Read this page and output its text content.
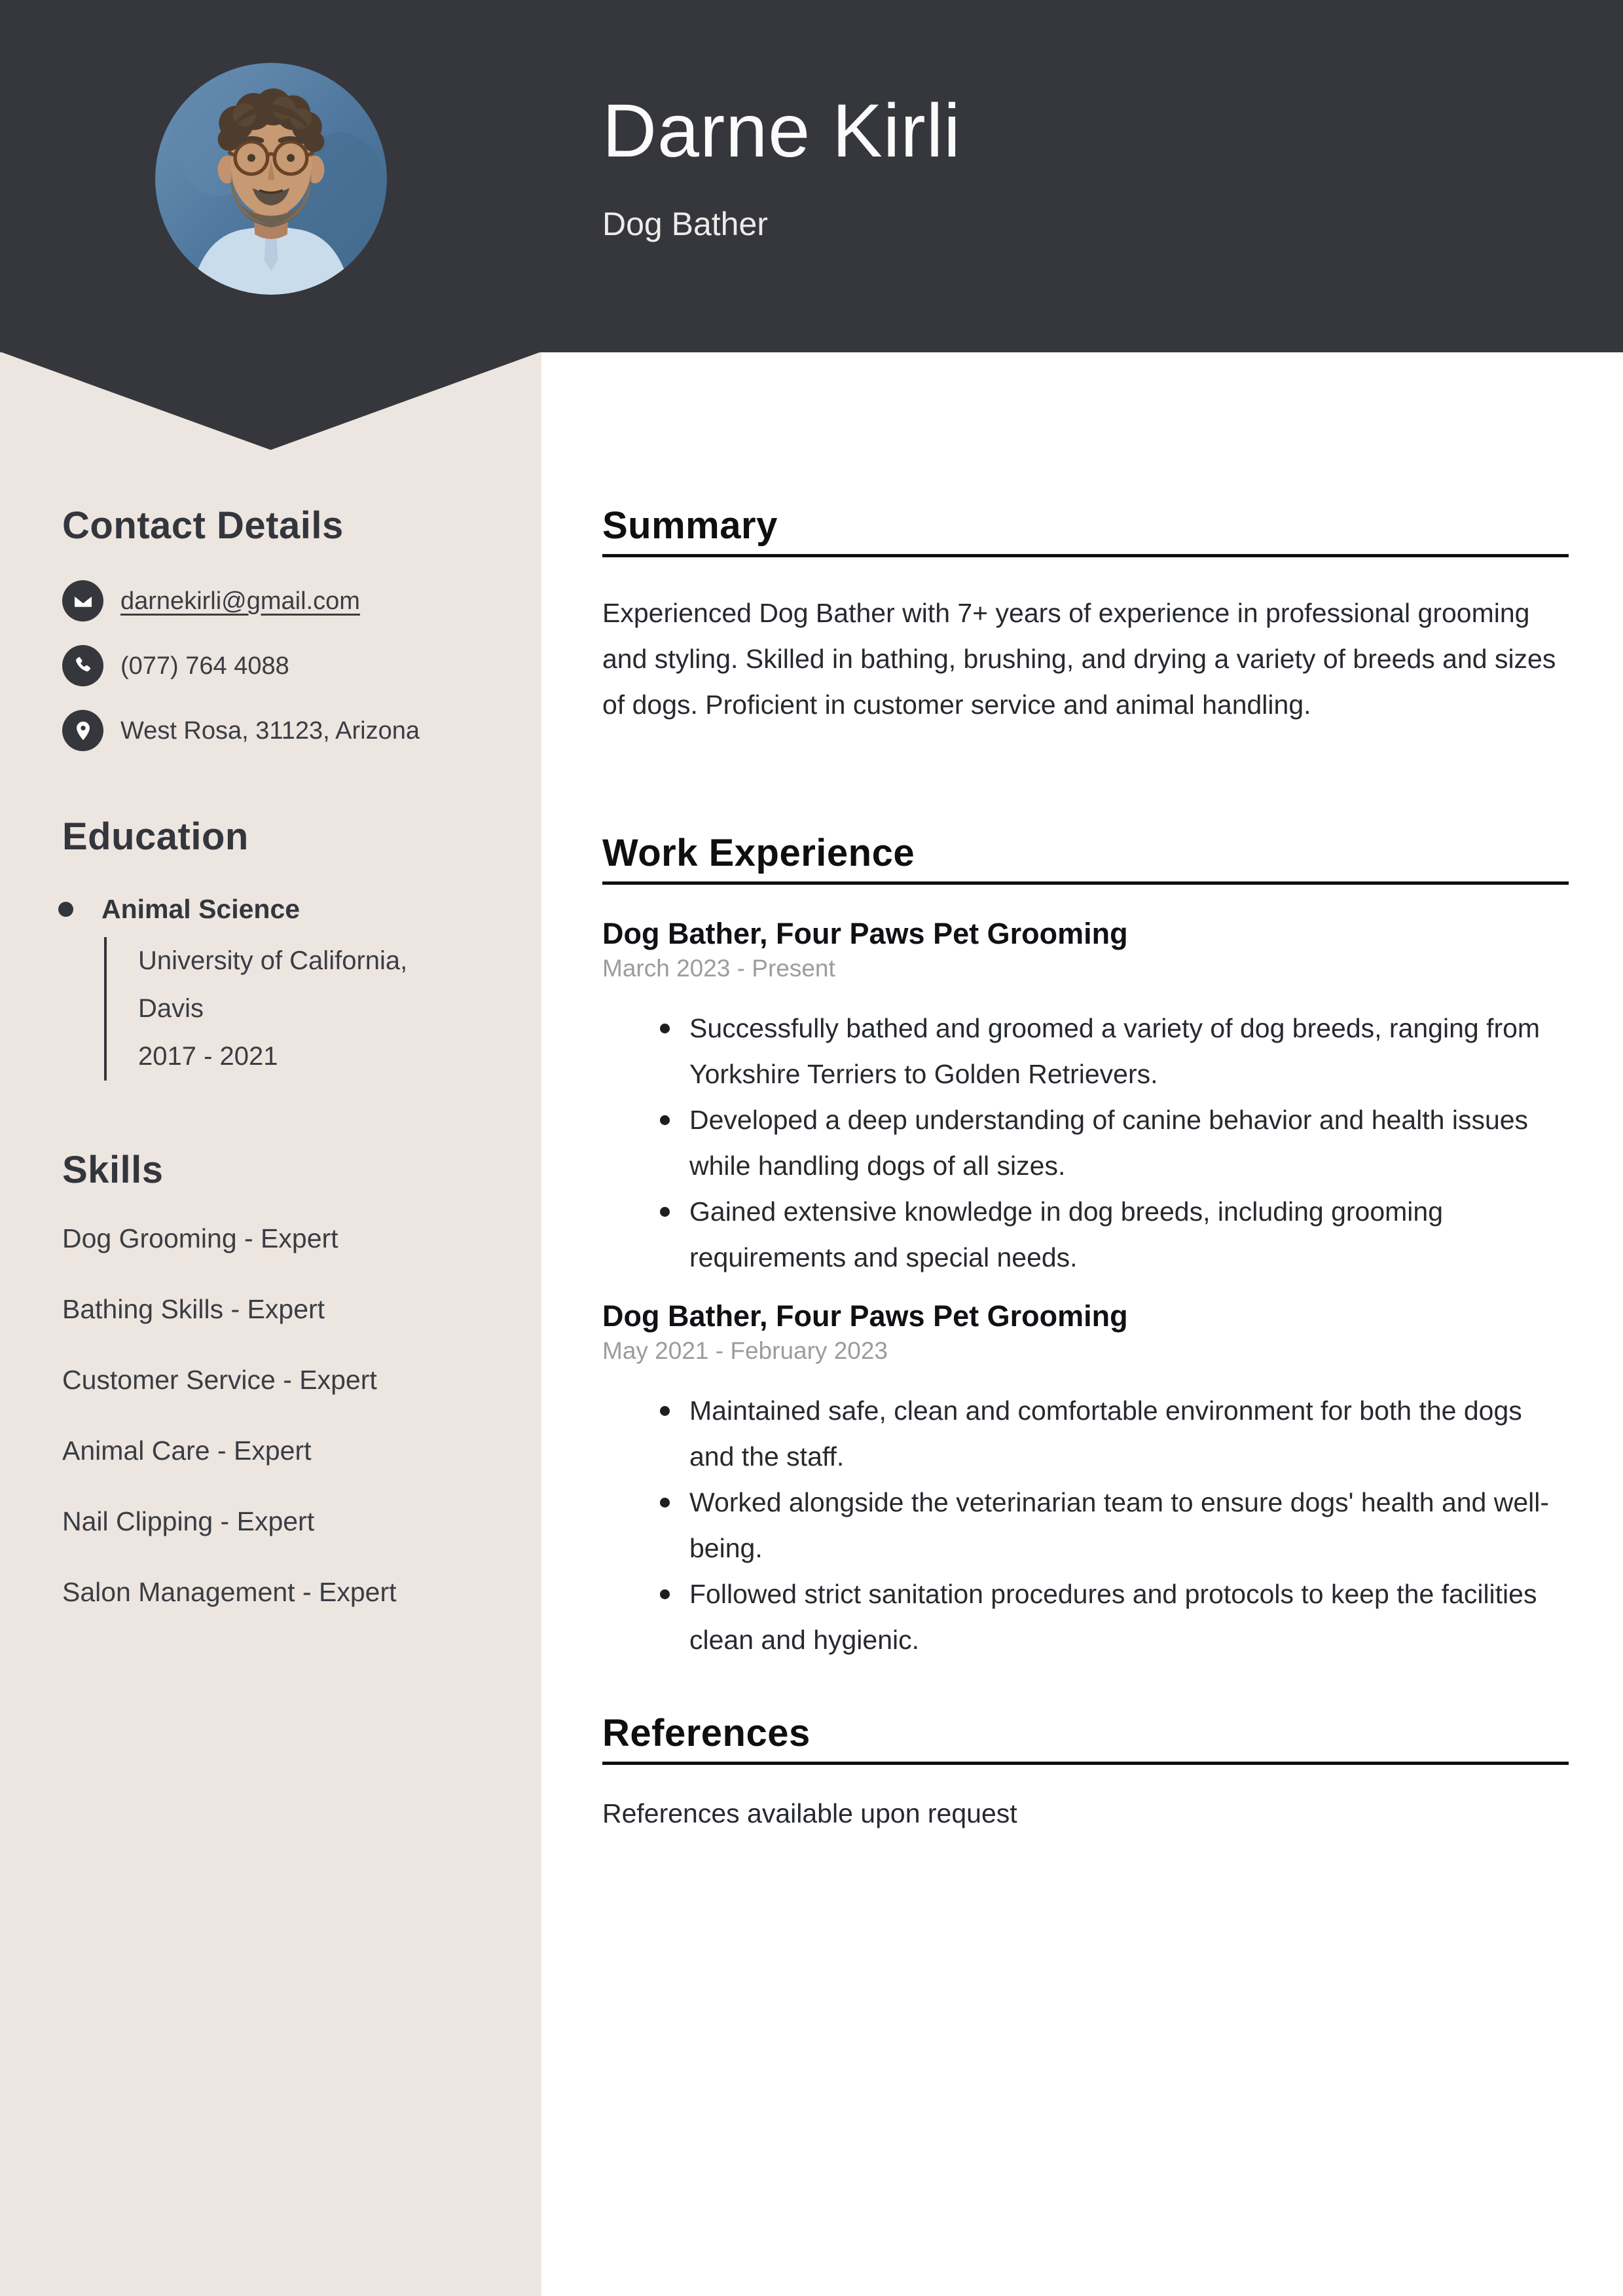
Darne Kirli
Dog Bather
Contact Details
darnekirli@gmail.com
(077) 764 4088
West Rosa, 31123, Arizona
Education
Animal Science
University of California,
Davis
2017 - 2021
Skills
Dog Grooming - Expert
Bathing Skills - Expert
Customer Service - Expert
Animal Care - Expert
Nail Clipping - Expert
Salon Management - Expert
Summary

Experienced Dog Bather with 7+ years of experience in professional grooming and styling. Skilled in bathing, brushing, and drying a variety of breeds and sizes of dogs. Proficient in customer service and animal handling.

Work Experience
Dog Bather, Four Paws Pet Grooming
March 2023 - Present
Successfully bathed and groomed a variety of dog breeds, ranging from Yorkshire Terriers to Golden Retrievers.
Developed a deep understanding of canine behavior and health issues while handling dogs of all sizes.
Gained extensive knowledge in dog breeds, including grooming requirements and special needs.
Dog Bather, Four Paws Pet Grooming
May 2021 - February 2023
Maintained safe, clean and comfortable environment for both the dogs and the staff.
Worked alongside the veterinarian team to ensure dogs' health and well-being.
Followed strict sanitation procedures and protocols to keep the facilities clean and hygienic.
References

References available upon request
